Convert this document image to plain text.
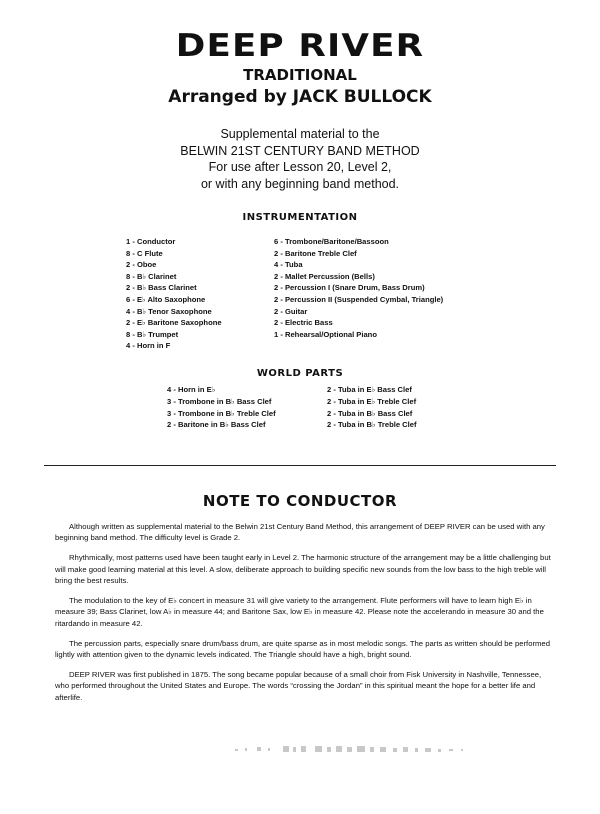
DEEP RIVER
TRADITIONAL
Arranged by JACK BULLOCK
Supplemental material to the
BELWIN 21ST CENTURY BAND METHOD
For use after Lesson 20, Level 2,
or with any beginning band method.
INSTRUMENTATION
1 - Conductor
8 - C Flute
2 - Oboe
8 - B♭ Clarinet
2 - B♭ Bass Clarinet
6 - E♭ Alto Saxophone
4 - B♭ Tenor Saxophone
2 - E♭ Baritone Saxophone
8 - B♭ Trumpet
4 - Horn in F
6 - Trombone/Baritone/Bassoon
2 - Baritone Treble Clef
4 - Tuba
2 - Mallet Percussion (Bells)
2 - Percussion I (Snare Drum, Bass Drum)
2 - Percussion II (Suspended Cymbal, Triangle)
2 - Guitar
2 - Electric Bass
1 - Rehearsal/Optional Piano
WORLD PARTS
4 - Horn in E♭
3 - Trombone in B♭ Bass Clef
3 - Trombone in B♭ Treble Clef
2 - Baritone in B♭ Bass Clef
2 - Tuba in E♭ Bass Clef
2 - Tuba in E♭ Treble Clef
2 - Tuba in B♭ Bass Clef
2 - Tuba in B♭ Treble Clef
NOTE TO CONDUCTOR

Although written as supplemental material to the Belwin 21st Century Band Method, this arrangement of DEEP RIVER can be used with any beginning band method. The difficulty level is Grade 2.

Rhythmically, most patterns used have been taught early in Level 2. The harmonic structure of the arrangement may be a little challenging but will make good learning material at this level. A slow, deliberate approach to building specific new sounds from the low bass to the high treble will bring the best results.

The modulation to the key of E♭ concert in measure 31 will give variety to the arrangement. Flute performers will have to learn high E♭ in measure 39; Bass Clarinet, low A♭ in measure 44; and Baritone Sax, low E♭ in measure 42. Please note the accelerando in measure 30 and the ritardando in measure 42.

The percussion parts, especially snare drum/bass drum, are quite sparse as in most melodic songs. The parts as written should be performed lightly with attention given to the dynamic levels indicated. The Triangle should have a high, bright sound.

DEEP RIVER was first published in 1875. The song became popular because of a small choir from Fisk University in Nashville, Tennessee, who performed throughout the United States and Europe. The words “crossing the Jordan” in this spiritual meant the hope for a better life and afterlife.
